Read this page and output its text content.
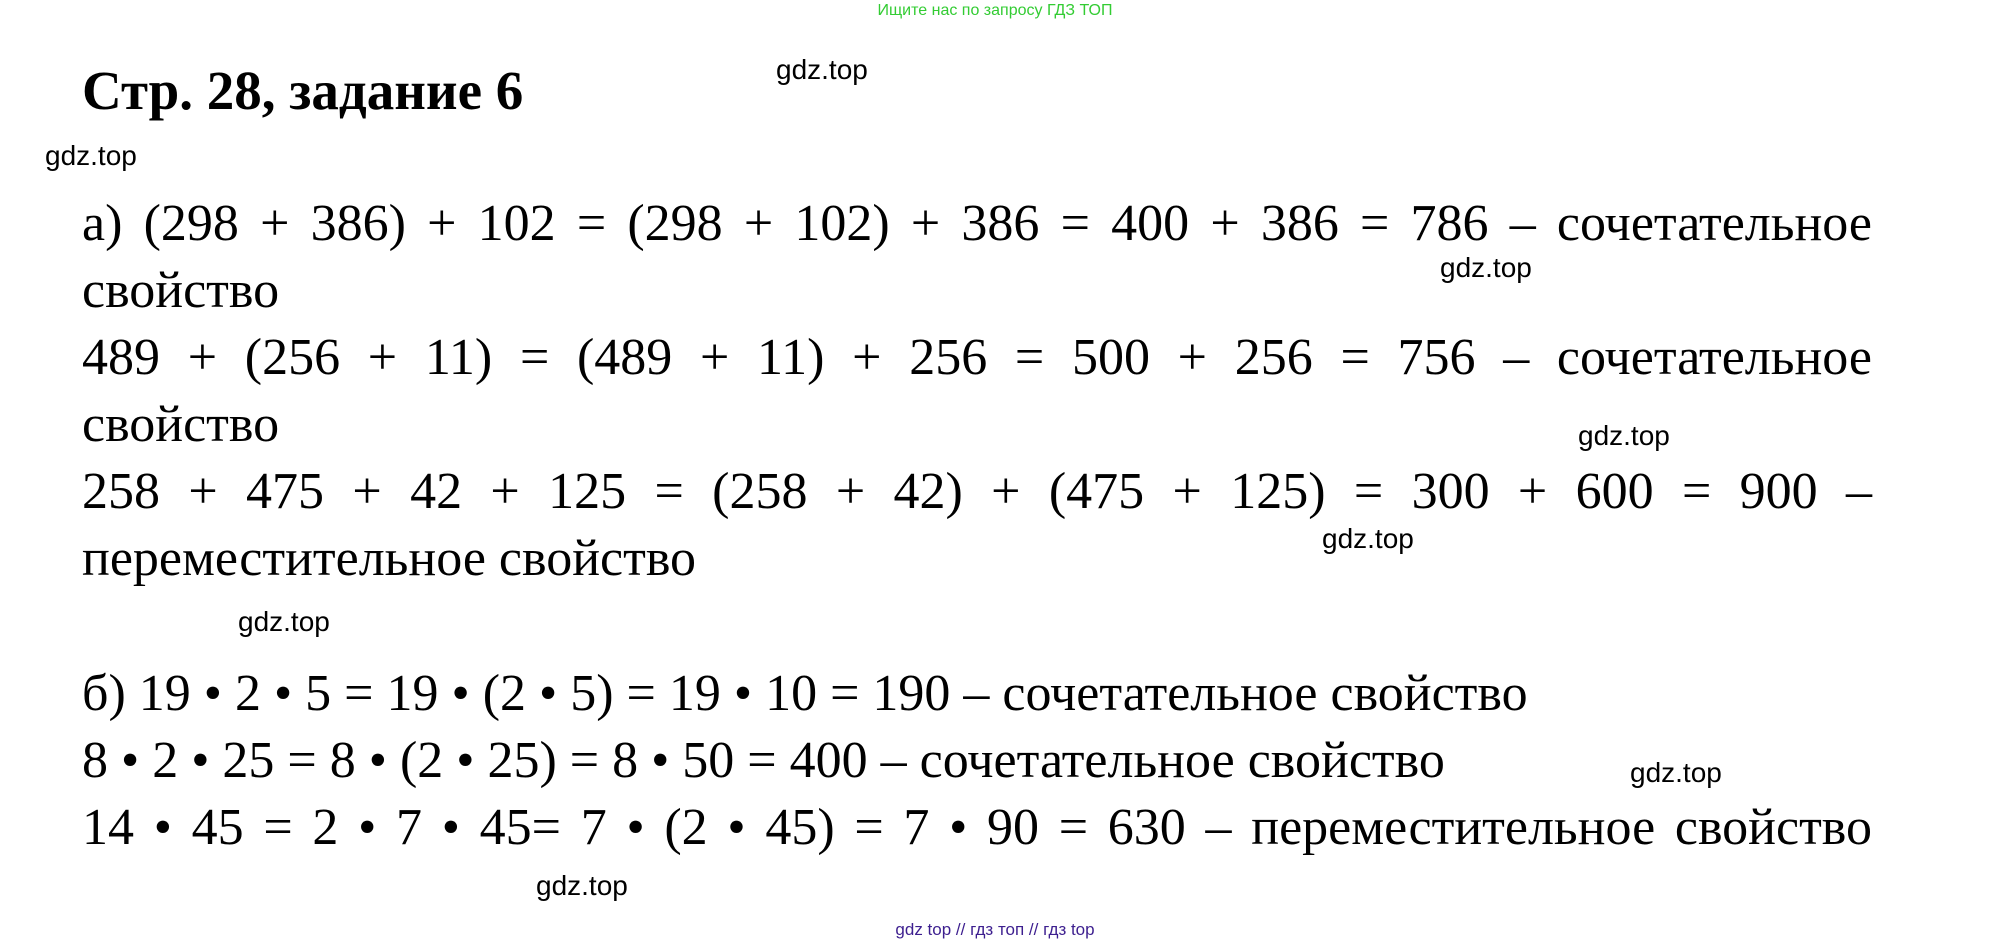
Ищите нас по запросу ГДЗ ТОП
Стр. 28, задание 6	gdz.top
gdz.top
gdz.top
gdz.top
gdz.top
gdz.top
gdz.top
gdz.top
а) (298 + 386) + 102 = (298 + 102) + 386 = 400 + 386 = 786 – сочетательное
свойство
489 + (256 + 11) = (489 + 11) + 256 = 500 + 256 = 756 – сочетательное
свойство
258 + 475 + 42 + 125 = (258 + 42) + (475 + 125) = 300 + 600 = 900 –
переместительное свойство
б) 19 • 2 • 5 = 19 • (2 • 5) = 19 • 10 = 190 – сочетательное свойство
8 • 2 • 25 = 8 • (2 • 25) = 8 • 50 = 400 – сочетательное свойство
14 • 45 = 2 • 7 • 45= 7 • (2 • 45) = 7 • 90 = 630 – переместительное свойство
gdz top // гдз топ // гдз top
